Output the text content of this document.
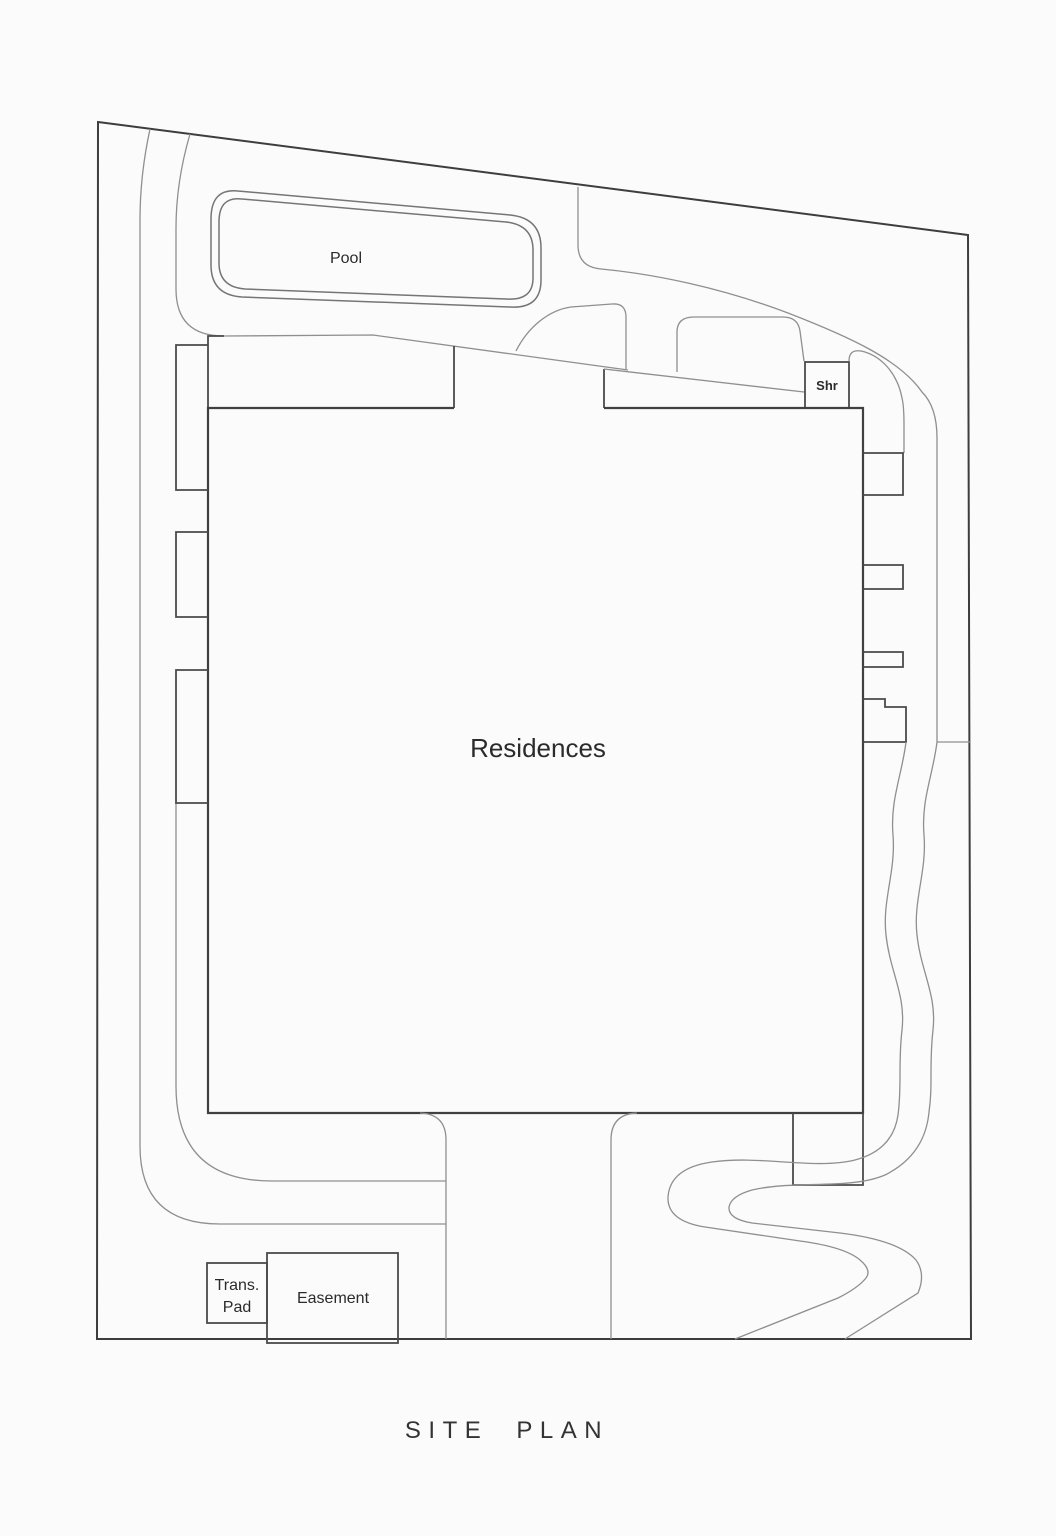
Pool
Shr
Residences
Trans.
Pad
Easement
SITE PLAN
